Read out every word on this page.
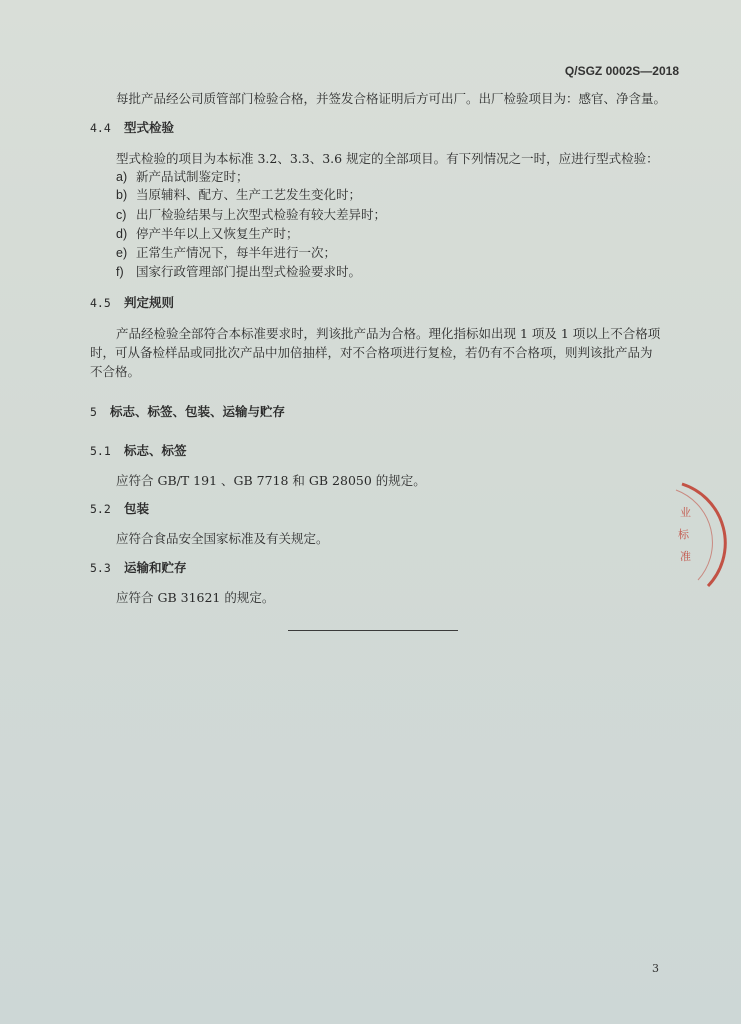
Q/SGZ 0002S—2018
每批产品经公司质管部门检验合格，并签发合格证明后方可出厂。出厂检验项目为：感官、净含量。
4.4 型式检验
型式检验的项目为本标准 3.2、3.3、3.6 规定的全部项目。有下列情况之一时，应进行型式检验：
a) 新产品试制鉴定时；
b) 当原辅料、配方、生产工艺发生变化时；
c) 出厂检验结果与上次型式检验有较大差异时；
d) 停产半年以上又恢复生产时；
e) 正常生产情况下，每半年进行一次；
f) 国家行政管理部门提出型式检验要求时。
4.5 判定规则
产品经检验全部符合本标准要求时，判该批产品为合格。理化指标如出现 1 项及 1 项以上不合格项
时，可从备检样品或同批次产品中加倍抽样，对不合格项进行复检，若仍有不合格项，则判该批产品为
不合格。
5 标志、标签、包装、运输与贮存
5.1 标志、标签
应符合 GB/T 191 、GB 7718 和 GB 28050 的规定。
5.2 包装
应符合食品安全国家标准及有关规定。
5.3 运输和贮存
应符合 GB 31621 的规定。
业
标
准
3
